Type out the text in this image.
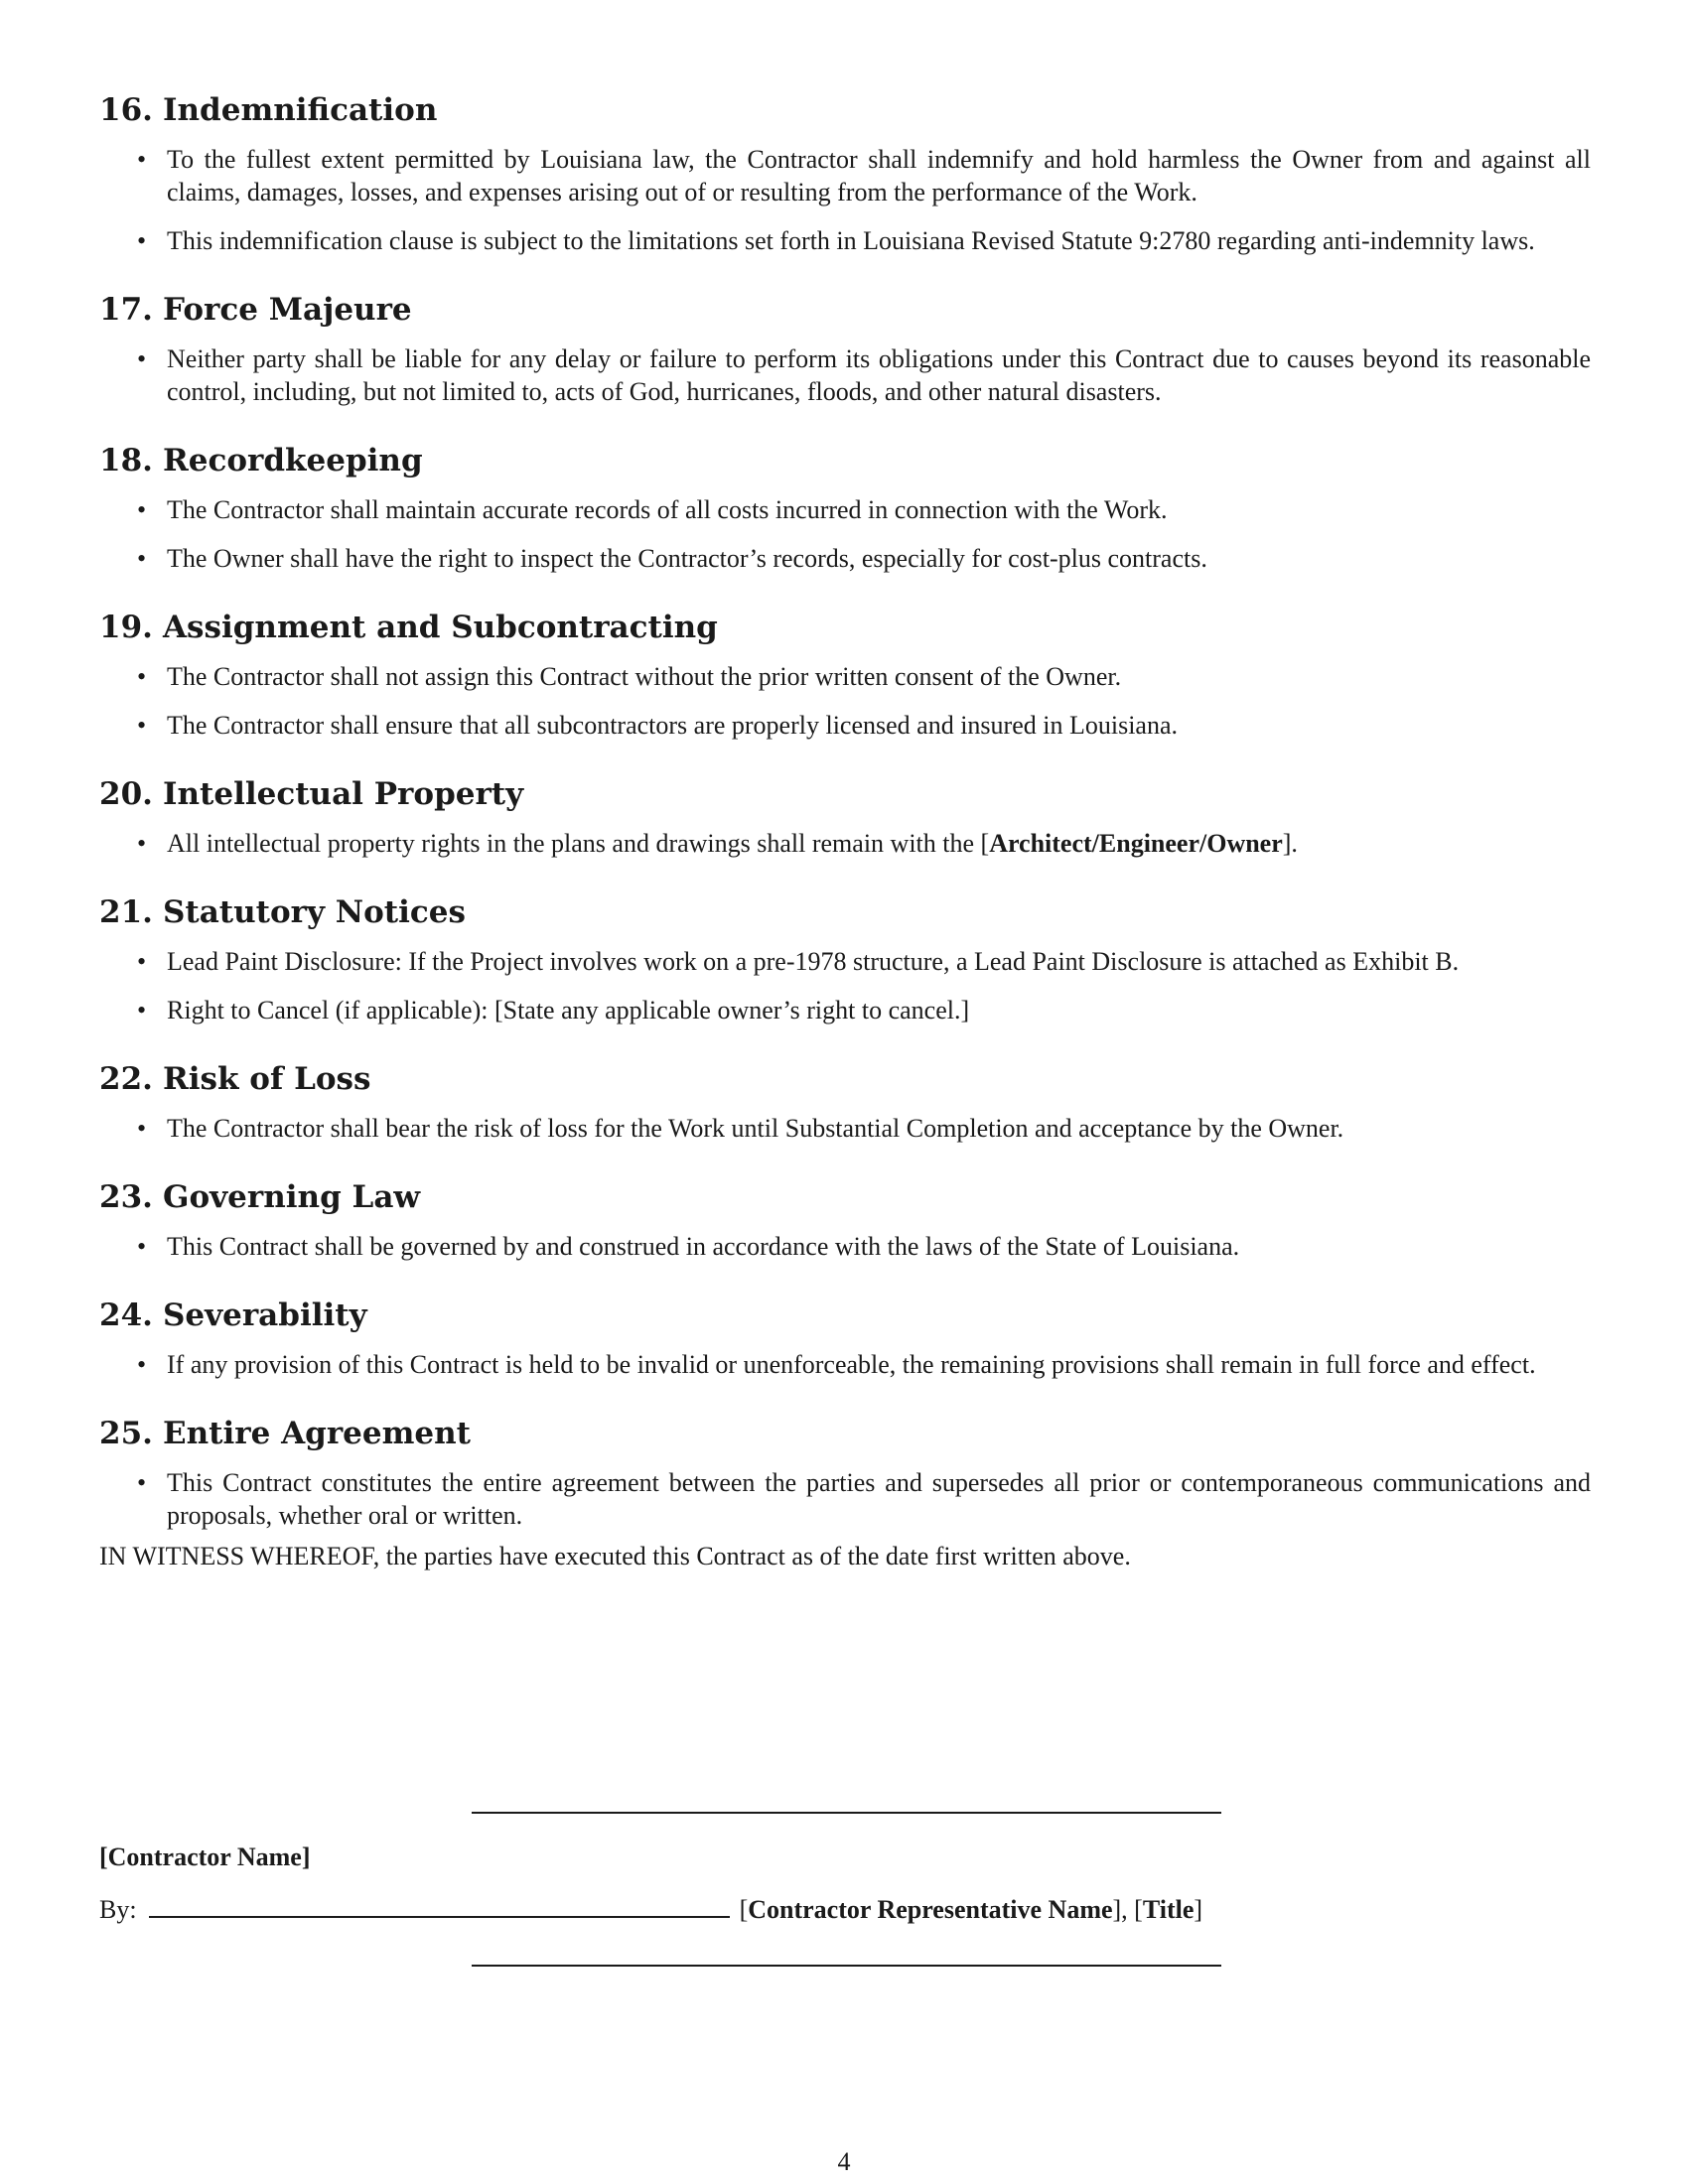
16. Indemnification
• To the fullest extent permitted by Louisiana law, the Contractor shall indemnify and hold harmless the Owner from and against all claims, damages, losses, and expenses arising out of or resulting from the performance of the Work.
• This indemnification clause is subject to the limitations set forth in Louisiana Revised Statute 9:2780 regarding anti-indemnity laws.
17. Force Majeure
• Neither party shall be liable for any delay or failure to perform its obligations under this Contract due to causes beyond its reasonable control, including, but not limited to, acts of God, hurricanes, floods, and other natural disasters.
18. Recordkeeping
• The Contractor shall maintain accurate records of all costs incurred in connection with the Work.
• The Owner shall have the right to inspect the Contractor’s records, especially for cost-plus contracts.
19. Assignment and Subcontracting
• The Contractor shall not assign this Contract without the prior written consent of the Owner.
• The Contractor shall ensure that all subcontractors are properly licensed and insured in Louisiana.
20. Intellectual Property
• All intellectual property rights in the plans and drawings shall remain with the [Architect/Engineer/Owner].
21. Statutory Notices
• Lead Paint Disclosure: If the Project involves work on a pre-1978 structure, a Lead Paint Disclosure is attached as Exhibit B.
• Right to Cancel (if applicable): [State any applicable owner’s right to cancel.]
22. Risk of Loss
• The Contractor shall bear the risk of loss for the Work until Substantial Completion and acceptance by the Owner.
23. Governing Law
• This Contract shall be governed by and construed in accordance with the laws of the State of Louisiana.
24. Severability
• If any provision of this Contract is held to be invalid or unenforceable, the remaining provisions shall remain in full force and effect.
25. Entire Agreement
• This Contract constitutes the entire agreement between the parties and supersedes all prior or contemporaneous communications and proposals, whether oral or written.

IN WITNESS WHEREOF, the parties have executed this Contract as of the date first written above.

[Contractor Name]
By:	[Contractor Representative Name], [Title]
4
